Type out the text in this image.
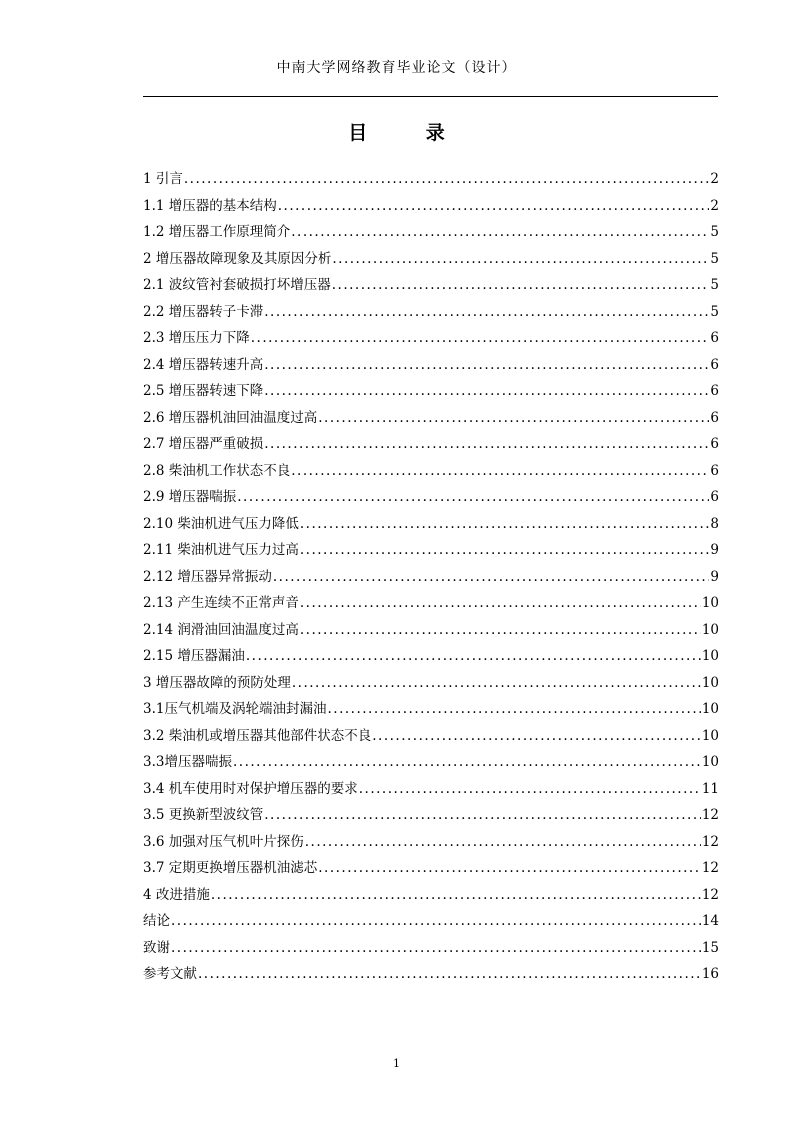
中南大学网络教育毕业论文（设计）
目 录
1 引言 .....	2
1.1 增压器的基本结构 .....	2
1.2 增压器工作原理简介 .....	5
2 增压器故障现象及其原因分析 .....	5
2.1 波纹管衬套破损打坏增压器 .....	5
2.2 增压器转子卡滞 .....	5
2.3 增压压力下降 .....	6
2.4 增压器转速升高 .....	6
2.5 增压器转速下降 .....	6
2.6 增压器机油回油温度过高 .....	6
2.7 增压器严重破损 .....	6
2.8 柴油机工作状态不良 .....	6
2.9 增压器喘振 .....	6
2.10 柴油机进气压力降低 .....	8
2.11 柴油机进气压力过高 .....	9
2.12 增压器异常振动 .....	9
2.13 产生连续不正常声音 .....	10
2.14 润滑油回油温度过高 .....	10
2.15 增压器漏油 .....	10
3 增压器故障的预防处理 .....	10
3.1压气机端及涡轮端油封漏油 .....	10
3.2 柴油机或增压器其他部件状态不良 .....	10
3.3增压器喘振 .....	10
3.4 机车使用时对保护增压器的要求 .....	11
3.5 更换新型波纹管 .....	12
3.6 加强对压气机叶片探伤 .....	12
3.7 定期更换增压器机油滤芯 .....	12
4 改进措施 .....	12
结论 .....	14
致谢 .....	15
参考文献 .....	16
1
